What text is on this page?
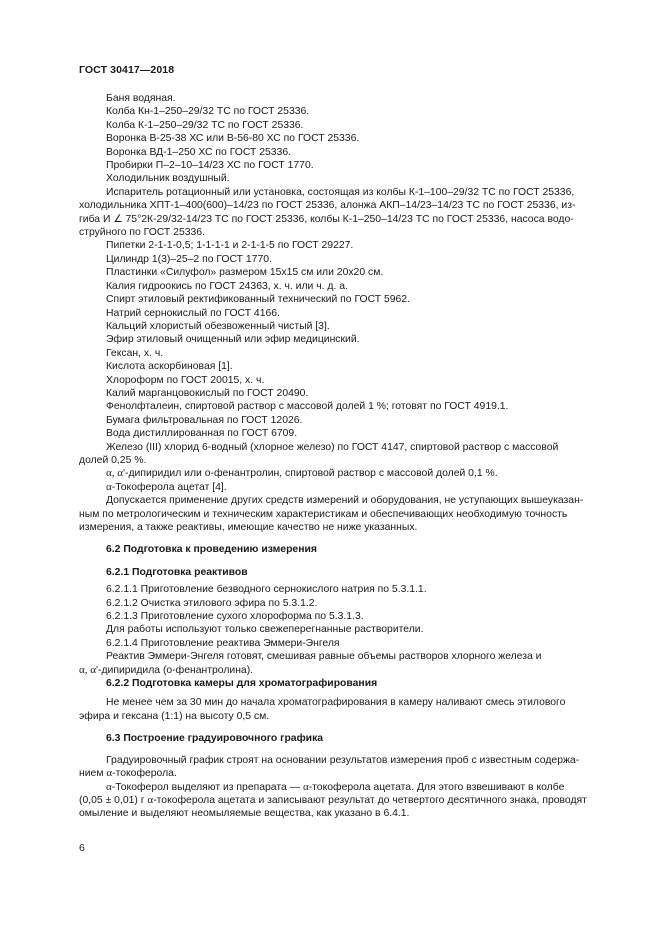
ГОСТ 30417—2018
Баня водяная.
Колба Кн-1–250–29/32 ТС по ГОСТ 25336.
Колба К-1–250–29/32 ТС по ГОСТ 25336.
Воронка В-25-38 ХС или В-56-80 ХС по ГОСТ 25336.
Воронка ВД-1–250 ХС по ГОСТ 25336.
Пробирки П–2–10–14/23 ХС по ГОСТ 1770.
Холодильник воздушный.
Испаритель ротационный или установка, состоящая из колбы К-1–100–29/32 ТС по ГОСТ 25336,
холодильника ХПТ-1–400(600)–14/23 по ГОСТ 25336, алонжа АКП–14/23–14/23 ТС по ГОСТ 25336, из-
гиба И ∠ 75°2К-29/32-14/23 ТС по ГОСТ 25336, колбы К-1–250–14/23 ТС по ГОСТ 25336, насоса водо-
струйного по ГОСТ 25336.
Пипетки 2-1-1-0,5; 1-1-1-1 и 2-1-1-5 по ГОСТ 29227.
Цилиндр 1(3)–25–2 по ГОСТ 1770.
Пластинки «Силуфол» размером 15х15 см или 20х20 см.
Калия гидроокись по ГОСТ 24363, х. ч. или ч. д. а.
Спирт этиловый ректификованный технический по ГОСТ 5962.
Натрий сернокислый по ГОСТ 4166.
Кальций хлористый обезвоженный чистый [3].
Эфир этиловый очищенный или эфир медицинский.
Гексан, х. ч.
Кислота аскорбиновая [1].
Хлороформ по ГОСТ 20015, х. ч.
Калий марганцовокислый по ГОСТ 20490.
Фенолфталеин, спиртовой раствор с массовой долей 1 %; готовят по ГОСТ 4919.1.
Бумага фильтровальная по ГОСТ 12026.
Вода дистиллированная по ГОСТ 6709.
Железо (III) хлорид 6-водный (хлорное железо) по ГОСТ 4147, спиртовой раствор с массовой
долей 0,25 %.
α, α'-дипиридил или о-фенантролин, спиртовой раствор с массовой долей 0,1 %.
α-Токоферола ацетат [4].
Допускается применение других средств измерений и оборудования, не уступающих вышеуказан-
ным по метрологическим и техническим характеристикам и обеспечивающих необходимую точность
измерения, а также реактивы, имеющие качество не ниже указанных.
6.2 Подготовка к проведению измерения
6.2.1 Подготовка реактивов
6.2.1.1 Приготовление безводного сернокислого натрия по 5.3.1.1.
6.2.1.2 Очистка этилового эфира по 5.3.1.2.
6.2.1.3 Приготовление сухого хлороформа по 5.3.1.3.
Для работы используют только свежеперегнанные растворители.
6.2.1.4 Приготовление реактива Эммери-Энгеля
Реактив Эммери-Энгеля готовят, смешивая равные объемы растворов хлорного железа и
α, α'-дипиридила (о-фенантролина).
6.2.2 Подготовка камеры для хроматографирования
Не менее чем за 30 мин до начала хроматографирования в камеру наливают смесь этилового
эфира и гексана (1:1) на высоту 0,5 см.
6.3 Построение градуировочного графика
Градуировочный график строят на основании результатов измерения проб с известным содержа-
нием α-токоферола.
α-Токоферол выделяют из препарата — α-токоферола ацетата. Для этого взвешивают в колбе
(0,05 ± 0,01) г α-токоферола ацетата и записывают результат до четвертого десятичного знака, проводят
омыление и выделяют неомыляемые вещества, как указано в 6.4.1.
6
